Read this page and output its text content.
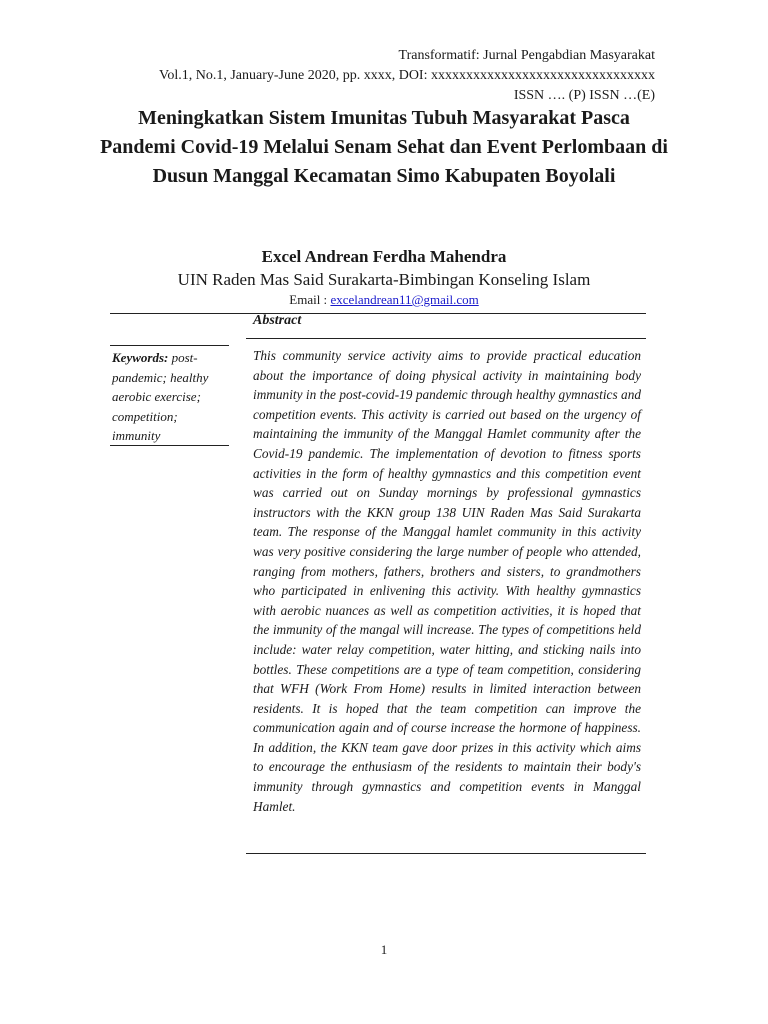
Transformatif: Jurnal Pengabdian Masyarakat
Vol.1, No.1, January-June 2020, pp. xxxx, DOI: xxxxxxxxxxxxxxxxxxxxxxxxxxxxxxxx
ISSN …. (P) ISSN …(E)
Meningkatkan Sistem Imunitas Tubuh Masyarakat Pasca Pandemi Covid-19 Melalui Senam Sehat dan Event Perlombaan di Dusun Manggal Kecamatan Simo Kabupaten Boyolali
Excel Andrean Ferdha Mahendra
UIN Raden Mas Said Surakarta-Bimbingan Konseling Islam
Email : excelandrean11@gmail.com
Abstract
Keywords: post-pandemic; healthy aerobic exercise; competition; immunity
This community service activity aims to provide practical education about the importance of doing physical activity in maintaining body immunity in the post-covid-19 pandemic through healthy gymnastics and competition events. This activity is carried out based on the urgency of maintaining the immunity of the Manggal Hamlet community after the Covid-19 pandemic. The implementation of devotion to fitness sports activities in the form of healthy gymnastics and this competition event was carried out on Sunday mornings by professional gymnastics instructors with the KKN group 138 UIN Raden Mas Said Surakarta team. The response of the Manggal hamlet community in this activity was very positive considering the large number of people who attended, ranging from mothers, fathers, brothers and sisters, to grandmothers who participated in enlivening this activity. With healthy gymnastics with aerobic nuances as well as competition activities, it is hoped that the immunity of the mangal will increase. The types of competitions held include: water relay competition, water hitting, and sticking nails into bottles. These competitions are a type of team competition, considering that WFH (Work From Home) results in limited interaction between residents. It is hoped that the team competition can improve the communication again and of course increase the hormone of happiness. In addition, the KKN team gave door prizes in this activity which aims to encourage the enthusiasm of the residents to maintain their body's immunity through gymnastics and competition events in Manggal Hamlet.
1
